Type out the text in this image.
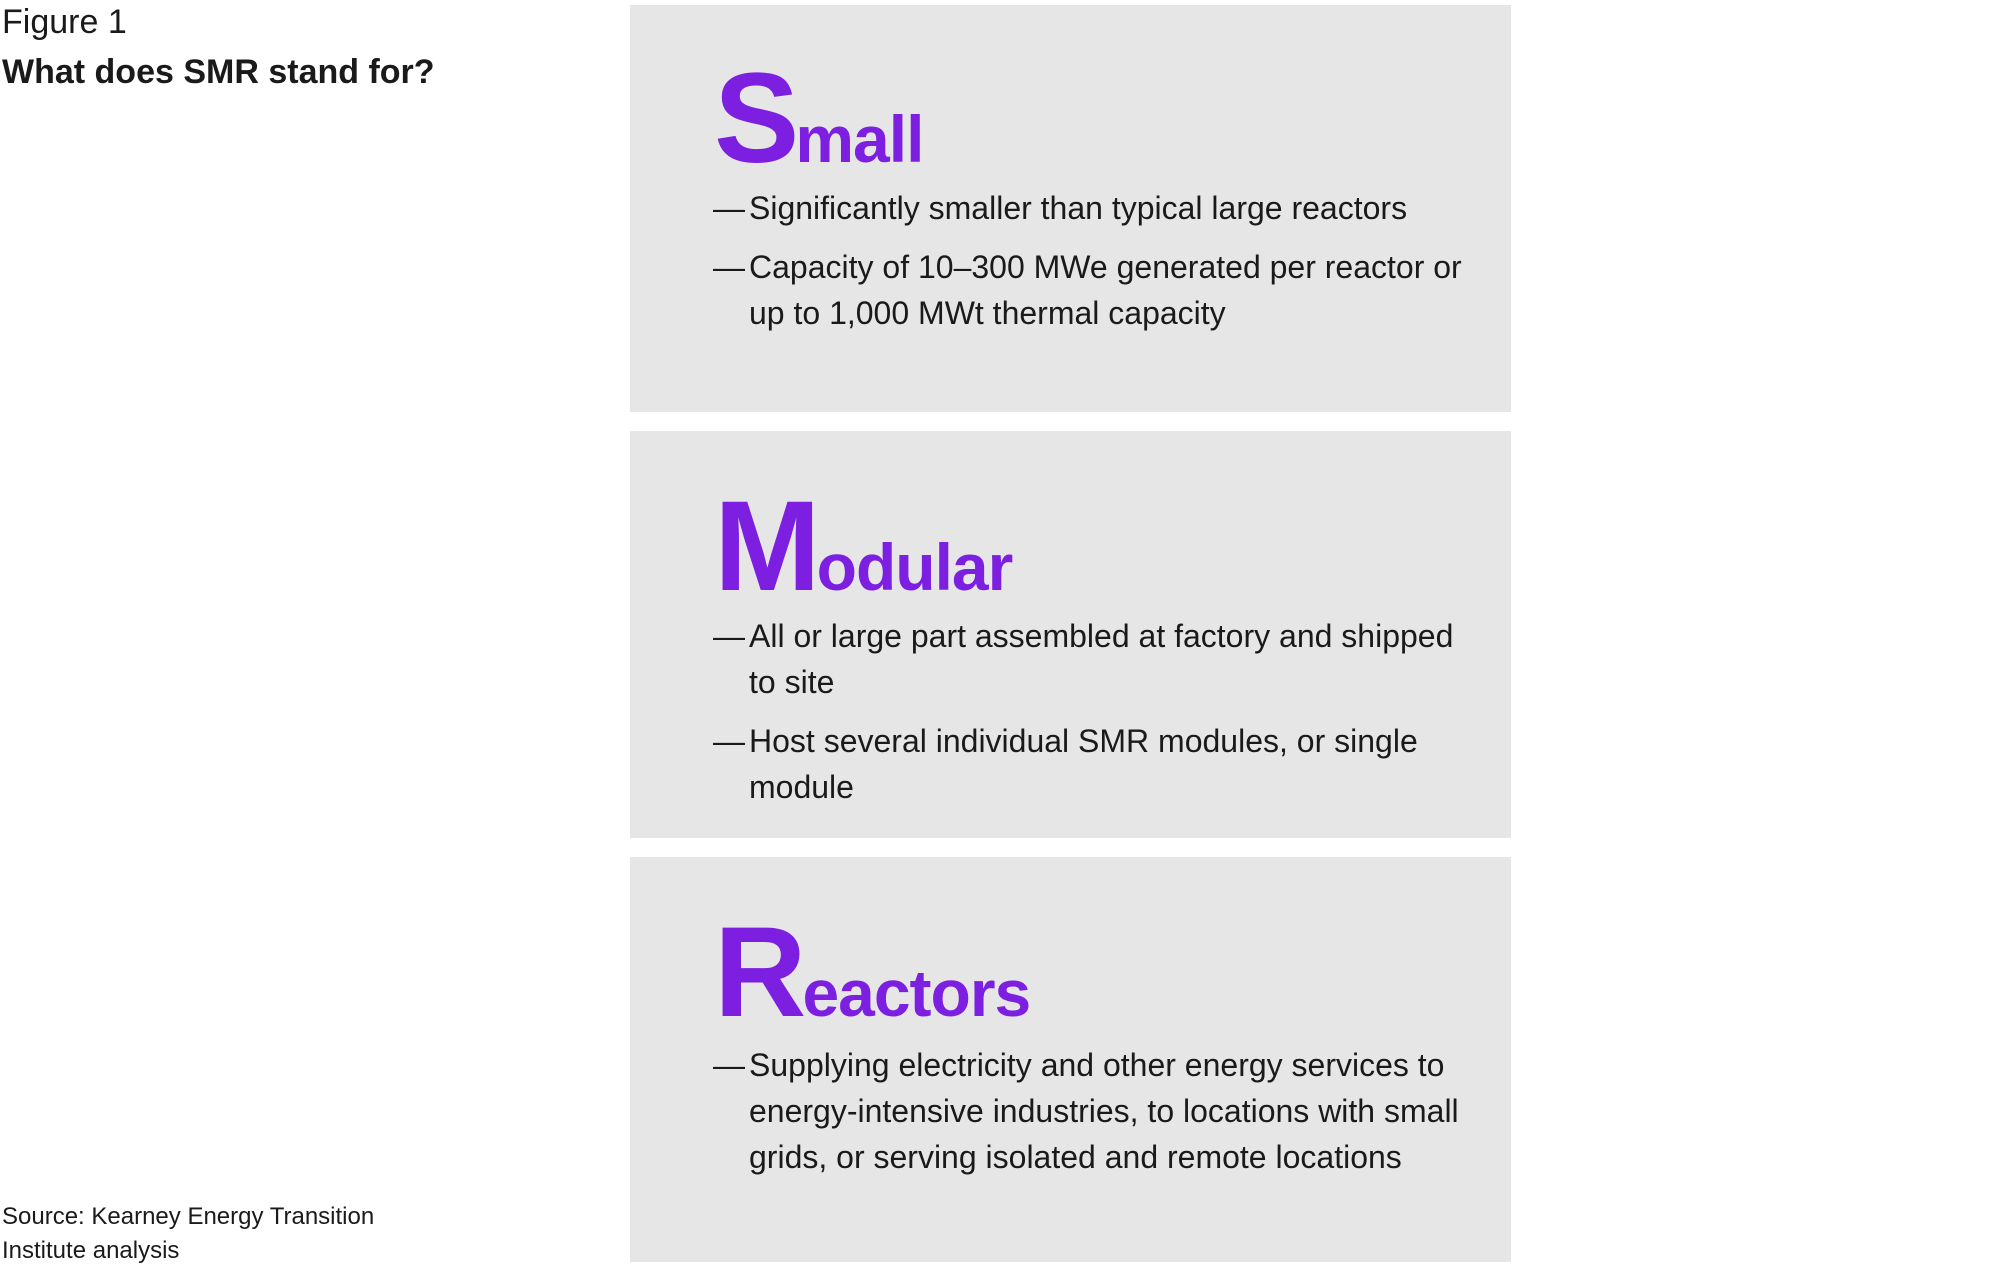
Figure 1
What does SMR stand for? Small
— Significantly smaller than typical large reactors
— Capacity of 10–300 MWe generated per reactor or up to 1,000 MWt thermal capacity
Modular
— All or large part assembled at factory and shipped to site
— Host several individual SMR modules, or single module
Reactors
— Supplying electricity and other energy services to energy-intensive industries, to locations with small grids, or serving isolated and remote locations
Source: Kearney Energy Transition Institute analysis
